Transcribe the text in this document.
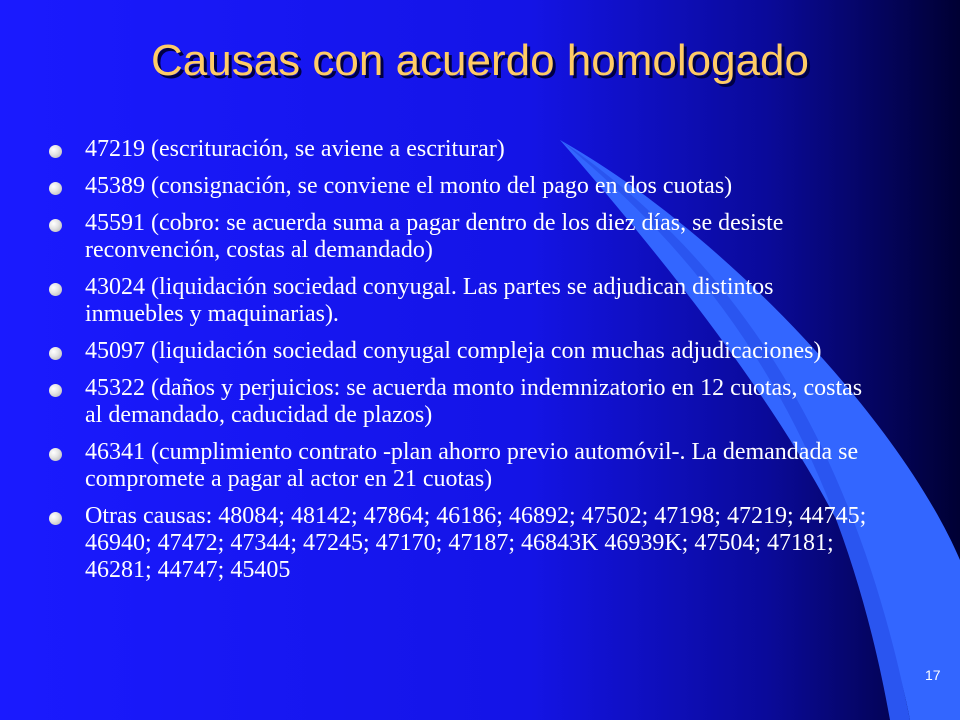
Causas con acuerdo homologado
47219 (escrituración, se aviene a escriturar)
45389 (consignación, se conviene el monto del pago en dos cuotas)
45591 (cobro: se acuerda suma a pagar dentro de los diez días, se desiste reconvención, costas al demandado)
43024 (liquidación sociedad conyugal. Las partes se adjudican distintos inmuebles y maquinarias).
45097 (liquidación sociedad conyugal compleja con muchas adjudicaciones)
45322 (daños y perjuicios: se acuerda monto indemnizatorio en 12 cuotas, costas al demandado, caducidad de plazos)
46341 (cumplimiento contrato -plan ahorro previo automóvil-. La demandada se compromete a pagar al actor en 21 cuotas)
Otras causas: 48084; 48142; 47864; 46186; 46892; 47502; 47198; 47219; 44745; 46940; 47472; 47344; 47245; 47170; 47187; 46843K 46939K; 47504; 47181; 46281; 44747; 45405
17
